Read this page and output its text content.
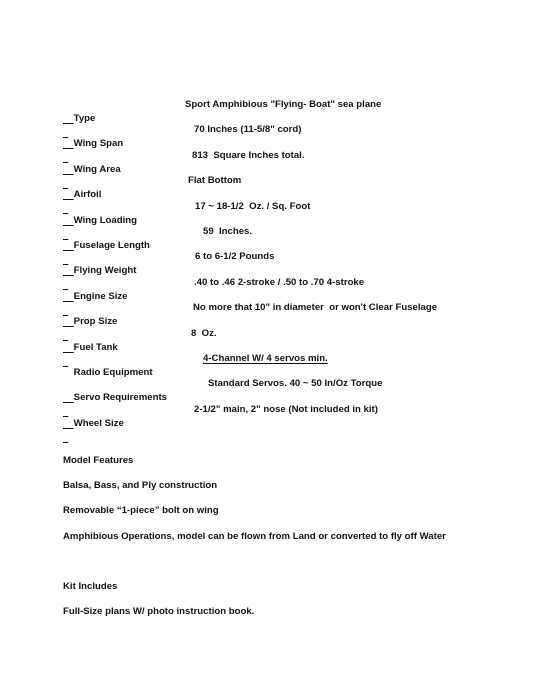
Type
Sport Amphibious "Flying- Boat" sea plane

Wing Span
70 Inches (11-5/8" cord)

Wing Area
813  Square Inches total.

Airfoil
Flat Bottom

Wing Loading
17 ~ 18-1/2  Oz. / Sq. Foot

Fuselage Length
59  Inches.

Flying Weight
6 to 6-1/2 Pounds

Engine Size
.40 to .46 2-stroke / .50 to .70 4-stroke

Prop Size
No more that 10" in diameter  or won't Clear Fuselage

Fuel Tank
8  Oz.

Radio Equipment
4-Channel W/ 4 servos min.

Servo Requirements
Standard Servos. 40 ~ 50 In/Oz Torque

Wheel Size
2-1/2" main, 2" nose (Not included in kit)

Model Features
Balsa, Bass, and Ply construction
Removable “1-piece” bolt on wing
Amphibious Operations, model can be flown from Land or converted to fly off Water
Kit Includes
Full-Size plans W/ photo instruction book.
